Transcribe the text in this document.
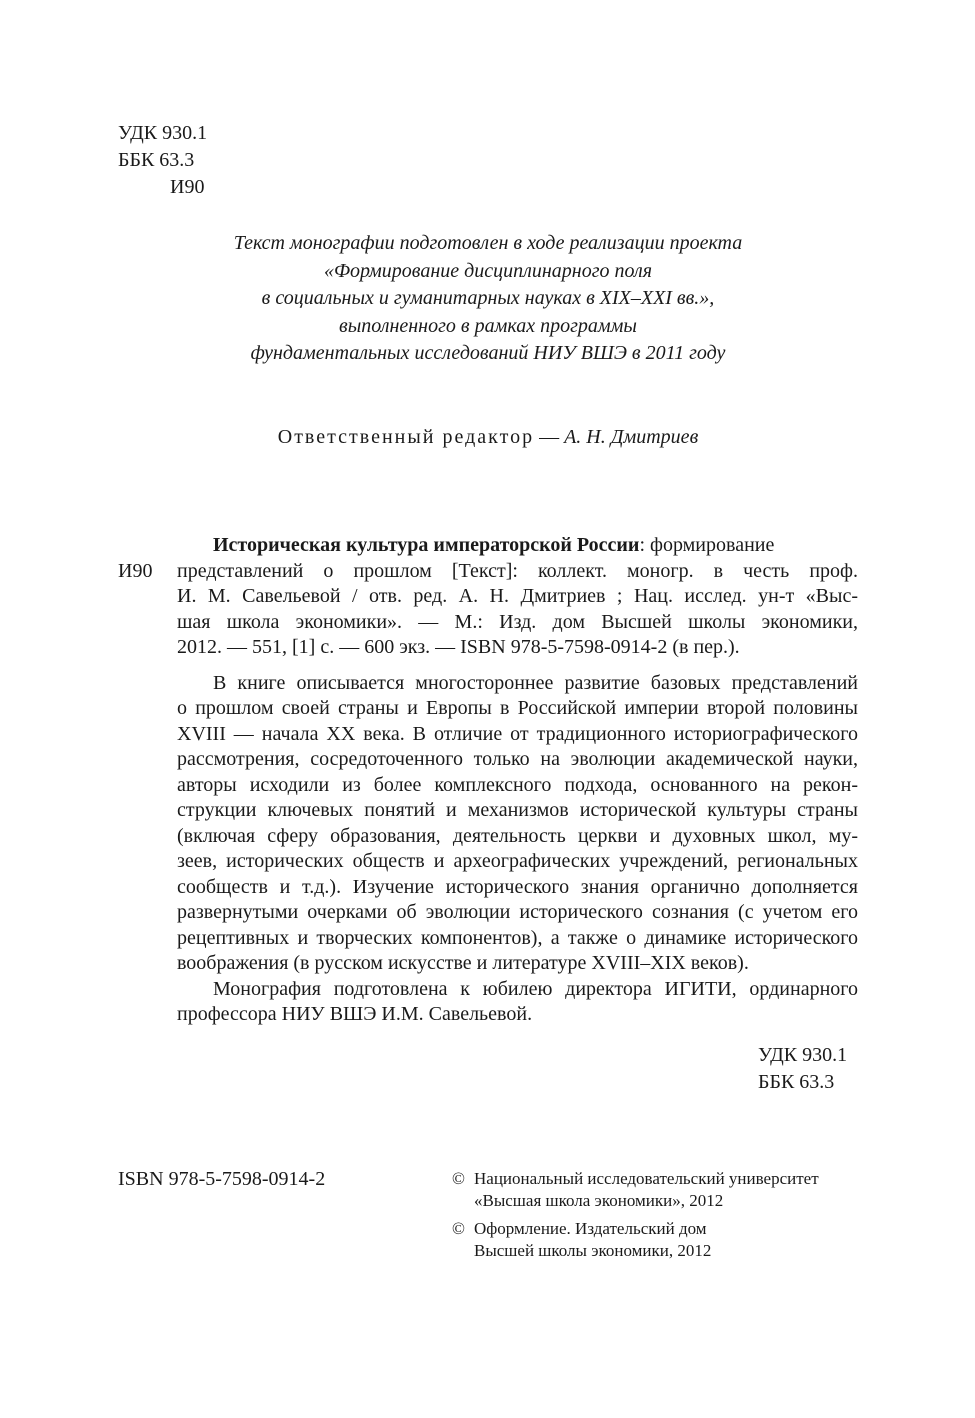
УДК 930.1
ББК 63.3
И90
Текст монографии подготовлен в ходе реализации проекта
«Формирование дисциплинарного поля
в социальных и гуманитарных науках в XIX–XXI вв.»,
выполненного в рамках программы
фундаментальных исследований НИУ ВШЭ в 2011 году
Ответственный редактор — А. Н. Дмитриев
И90
Историческая культура императорской России: формирование
представлений о прошлом [Текст]: коллект. моногр. в честь проф.
И. М. Савельевой / отв. ред. А. Н. Дмитриев ; Нац. исслед. ун-т «Выс-
шая школа экономики». — М.: Изд. дом Высшей школы экономики,
2012. — 551, [1] с. — 600 экз. — ISBN 978-5-7598-0914-2 (в пер.).
В книге описывается многостороннее развитие базовых представлений
о прошлом своей страны и Европы в Российской империи второй половины
XVIII — начала XX века. В отличие от традиционного историографического
рассмотрения, сосредоточенного только на эволюции академической науки,
авторы исходили из более комплексного подхода, основанного на рекон-
струкции ключевых понятий и механизмов исторической культуры страны
(включая сферу образования, деятельность церкви и духовных школ, му-
зеев, исторических обществ и археографических учреждений, региональных
сообществ и т.д.). Изучение исторического знания органично дополняется
развернутыми очерками об эволюции исторического сознания (с учетом его
рецептивных и творческих компонентов), а также о динамике исторического
воображения (в русском искусстве и литературе XVIII–XIX веков).
Монография подготовлена к юбилею директора ИГИТИ, ординарного
профессора НИУ ВШЭ И.М. Савельевой.
УДК 930.1
ББК 63.3
ISBN 978-5-7598-0914-2	© Национальный исследовательский университет
«Высшая школа экономики», 2012
© Оформление. Издательский дом
Высшей школы экономики, 2012
